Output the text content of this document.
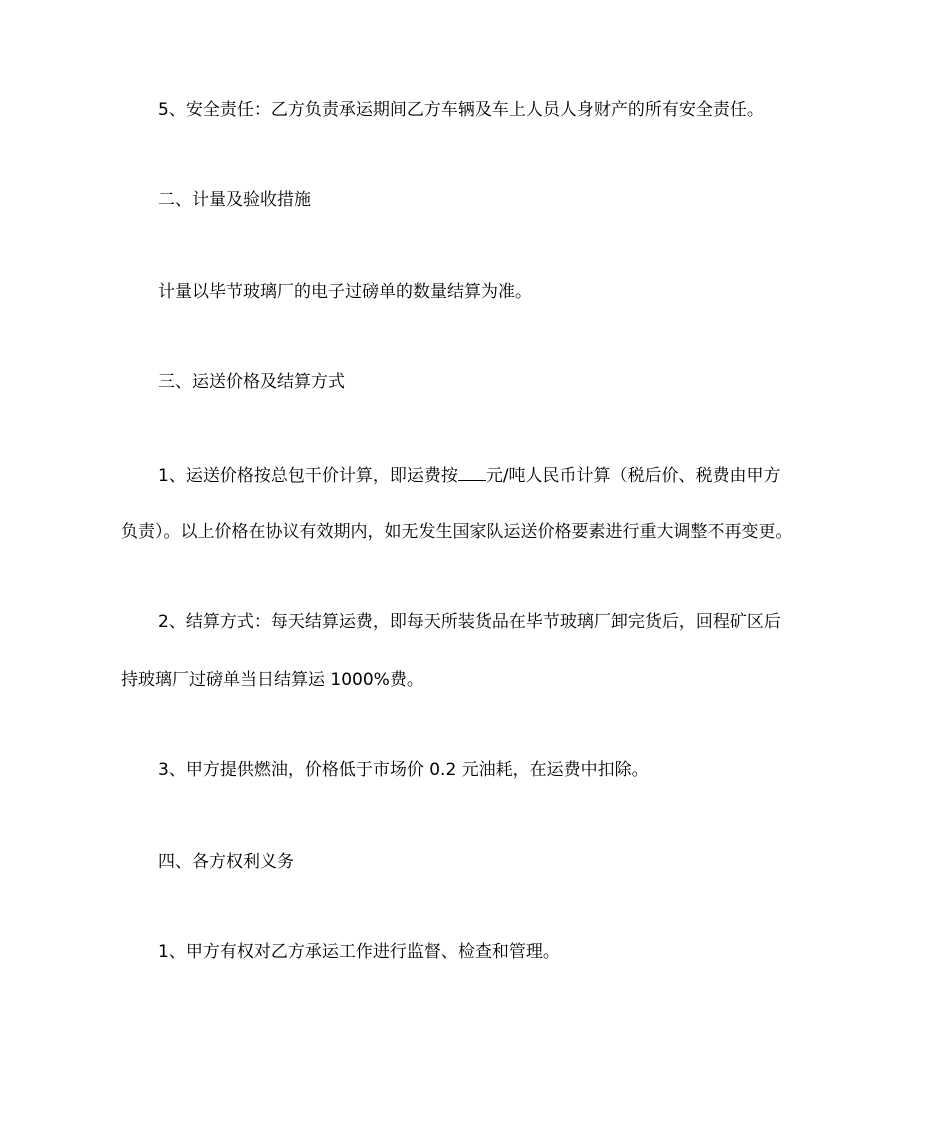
5、安全责任：乙方负责承运期间乙方车辆及车上人员人身财产的所有安全责任。
二、计量及验收措施
计量以毕节玻璃厂的电子过磅单的数量结算为准。
三、运送价格及结算方式
1、运送价格按总包干价计算，即运费按 元/吨人民币计算（税后价、税费由甲方
负责）。以上价格在协议有效期内，如无发生国家队运送价格要素进行重大调整不再变更。
2、结算方式：每天结算运费，即每天所装货品在毕节玻璃厂卸完货后，回程矿区后
持玻璃厂过磅单当日结算运 1000%费。
3、甲方提供燃油，价格低于市场价 0.2 元油耗，在运费中扣除。
四、各方权利义务
1、甲方有权对乙方承运工作进行监督、检查和管理。
